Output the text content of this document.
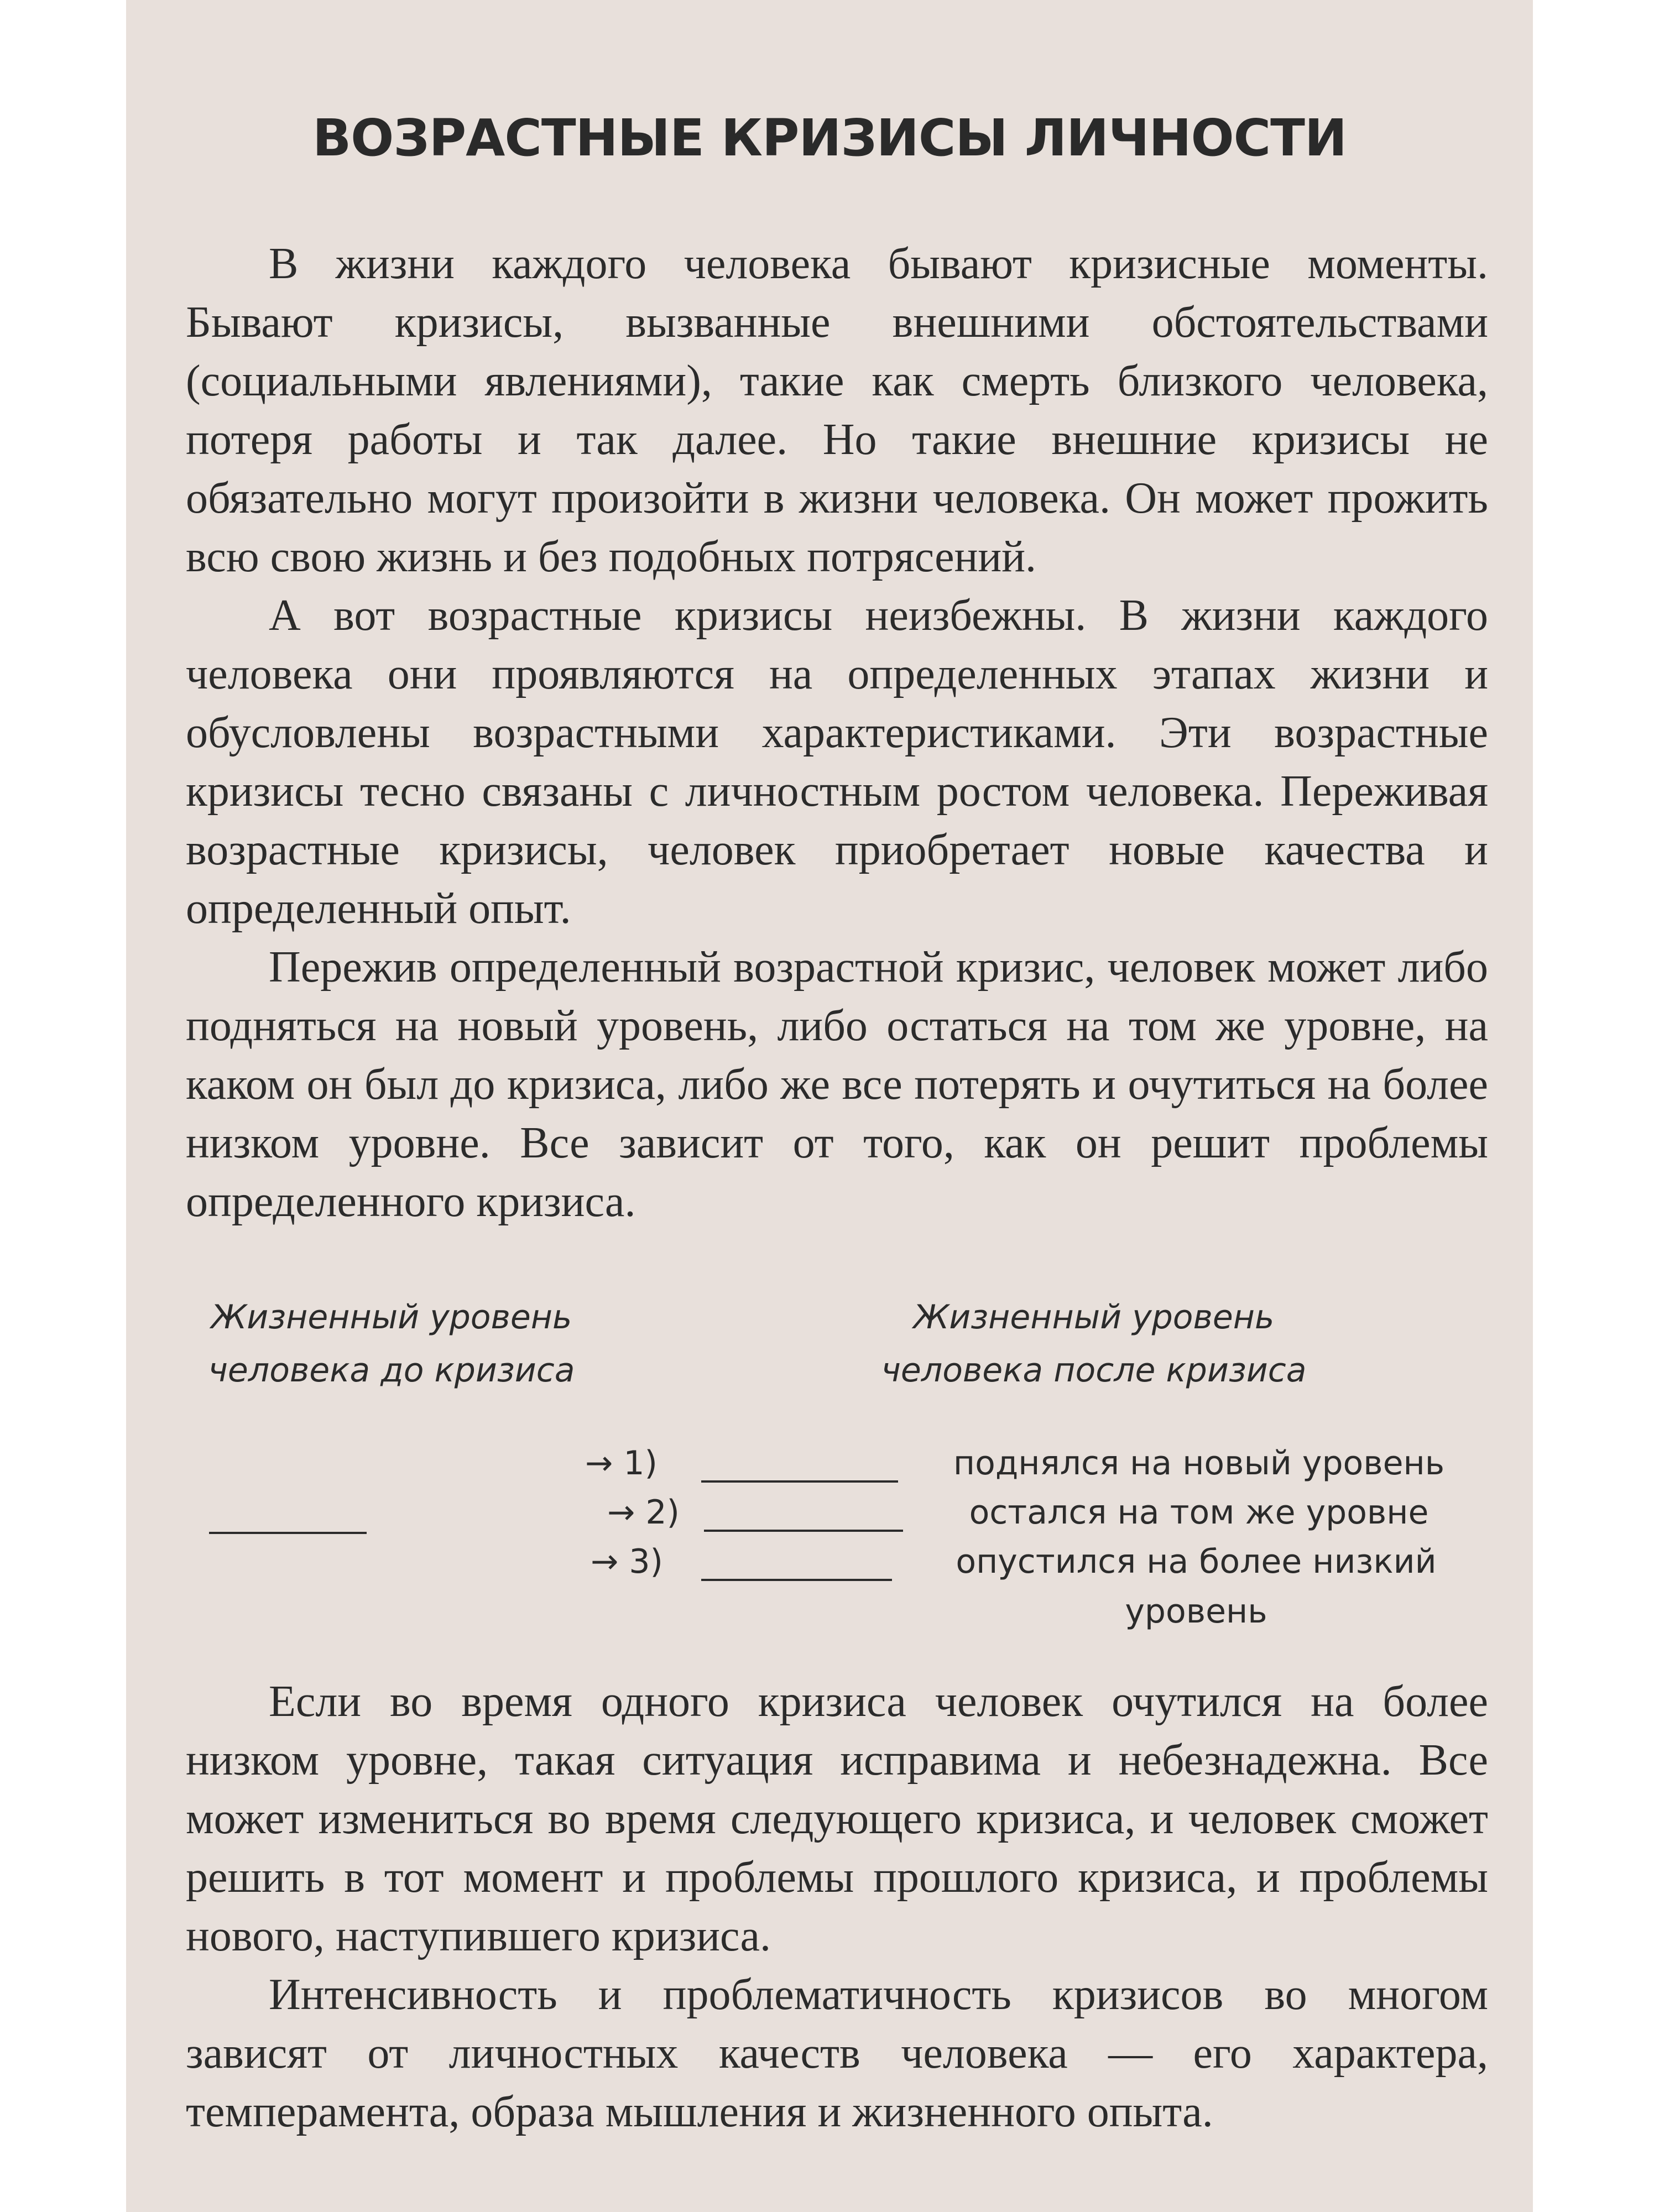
ВОЗРАСТНЫЕ КРИЗИСЫ ЛИЧНОСТИ

В жизни каждого человека бывают кризисные моменты. Бывают кризисы, вызванные внешними обстоятельствами (социальными явлениями), такие как смерть близкого человека, потеря работы и так далее. Но такие внешние кризисы не обязательно могут произойти в жизни человека. Он может прожить всю свою жизнь и без подобных потрясений.

А вот возрастные кризисы неизбежны. В жизни каждого человека они проявляются на определенных этапах жизни и обусловлены возрастными характеристиками. Эти возрастные кризисы тесно связаны с личностным ростом человека. Переживая возрастные кризисы, человек приобретает новые качества и определенный опыт.

Пережив определенный возрастной кризис, человек может либо подняться на новый уровень, либо остаться на том же уровне, на каком он был до кризиса, либо же все потерять и очутиться на более низком уровне. Все зависит от того, как он решит проблемы определенного кризиса.

Жизненный уровень человека до кризиса

Жизненный уровень человека после кризиса

→ 1)	поднялся на новый уровень

→ 2)	остался на том же уровне

→ 3)	опустился на более низкий уровень

Если во время одного кризиса человек очутился на более низком уровне, такая ситуация исправима и небезнадежна. Все может измениться во время следующего кризиса, и человек сможет решить в тот момент и проблемы прошлого кризиса, и проблемы нового, наступившего кризиса.

Интенсивность и проблематичность кризисов во многом зависят от личностных качеств человека — его характера, темперамента, образа мышления и жизненного опыта.
